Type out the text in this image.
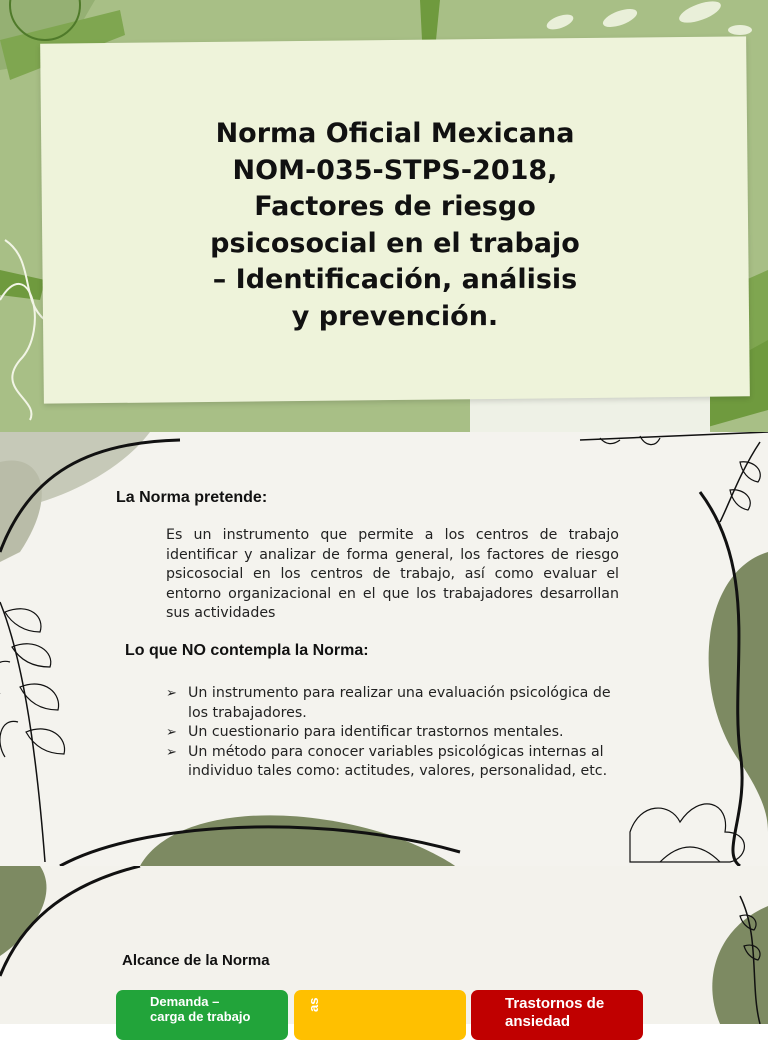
Norma Oficial Mexicana
NOM-035-STPS-2018,
Factores de riesgo
psicosocial en el trabajo
– Identificación, análisis
y prevención.
La Norma pretende:
Es un instrumento que permite a los centros de trabajo identificar y analizar de forma general, los factores de riesgo psicosocial en los centros de trabajo, así como evaluar el entorno organizacional en el que los trabajadores desarrollan sus actividades
Lo que NO contempla la Norma:
➢ Un instrumento para realizar una evaluación psicológica de los trabajadores.
➢ Un cuestionario para identificar trastornos mentales.
➢ Un método para conocer variables psicológicas internas al individuo tales como: actitudes, valores, personalidad, etc.
Alcance de la Norma
Demanda –
carga de trabajo
as	Trastornos de
ansiedad
